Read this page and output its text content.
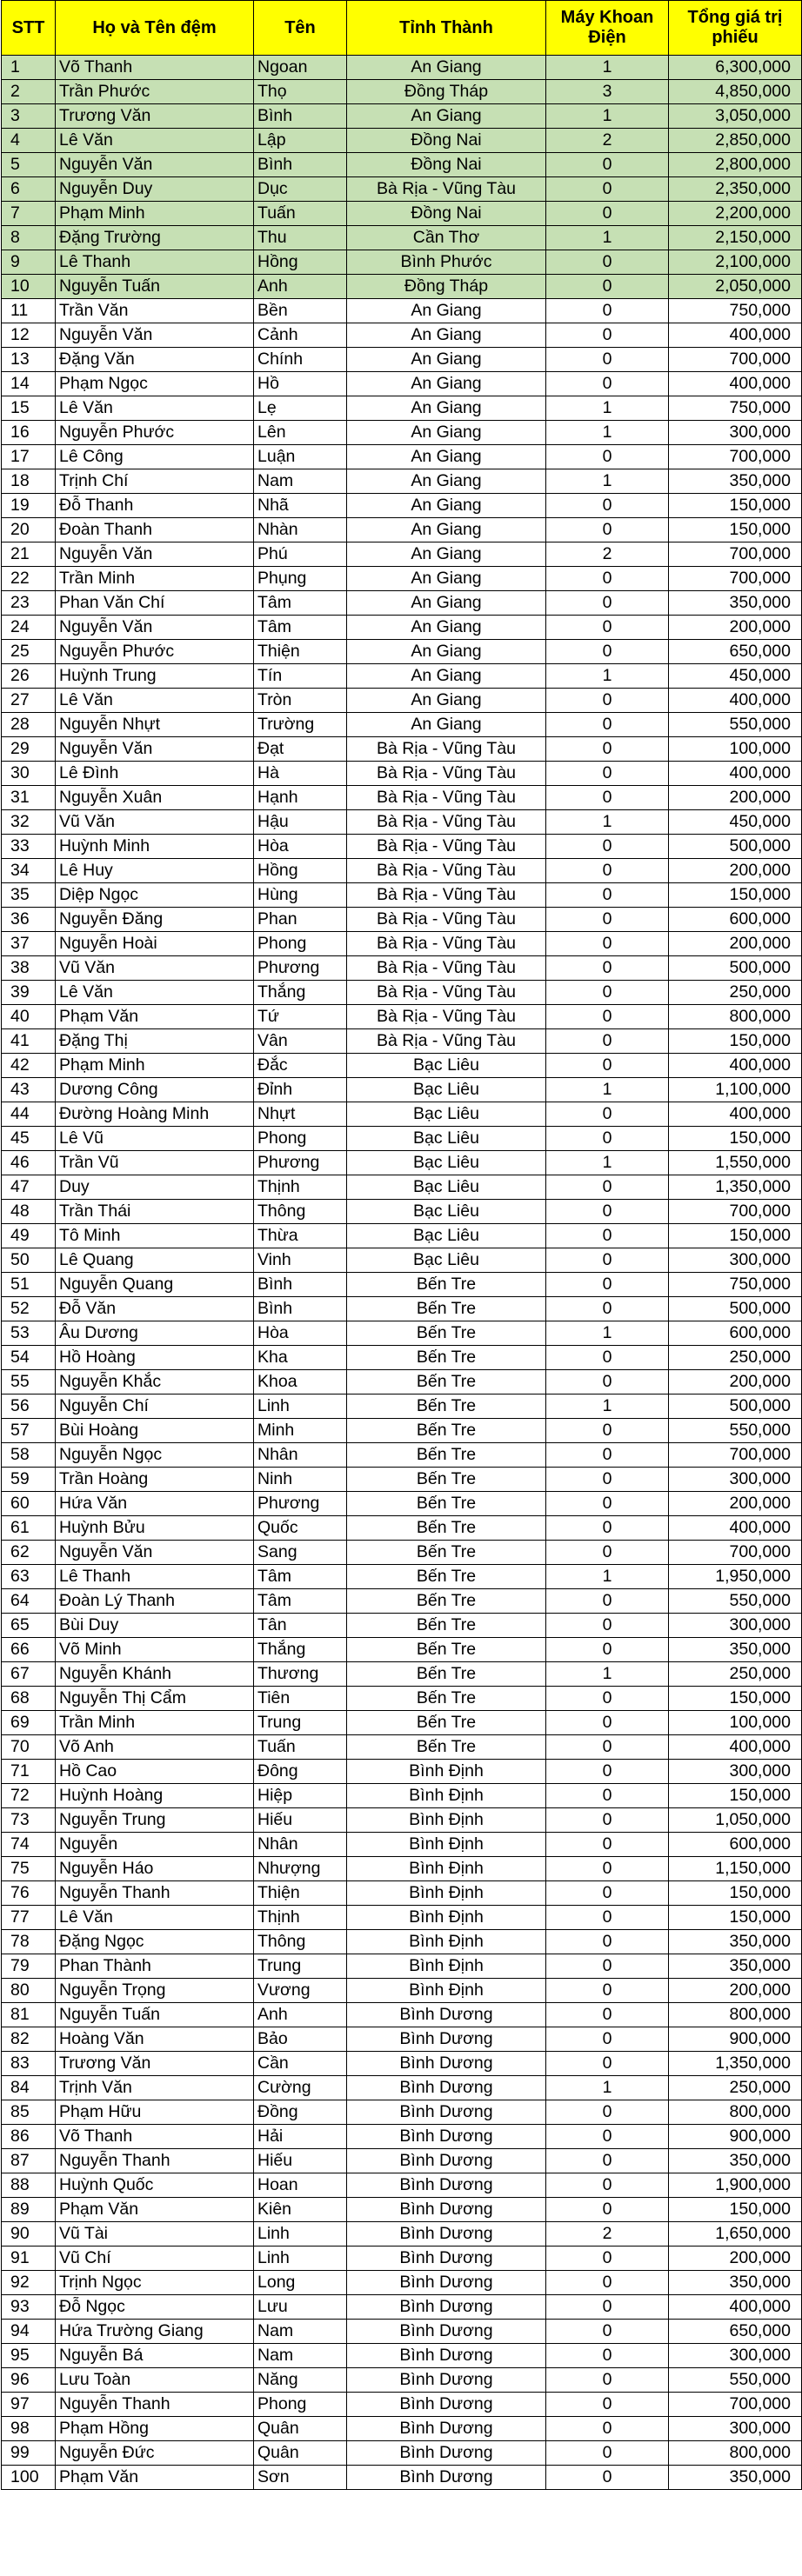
STT	Họ và Tên đệm	Tên	Tỉnh Thành	Máy Khoan Điện	Tổng giá trị phiếu
1	Võ Thanh	Ngoan	An Giang	1	6,300,000
2	Trần Phước	Thọ	Đồng Tháp	3	4,850,000
3	Trương Văn	Bình	An Giang	1	3,050,000
4	Lê Văn	Lập	Đồng Nai	2	2,850,000
5	Nguyễn Văn	Bình	Đồng Nai	0	2,800,000
6	Nguyễn Duy	Dục	Bà Rịa - Vũng Tàu	0	2,350,000
7	Phạm Minh	Tuấn	Đồng Nai	0	2,200,000
8	Đặng Trường	Thu	Cần Thơ	1	2,150,000
9	Lê Thanh	Hồng	Bình Phước	0	2,100,000
10	Nguyễn Tuấn	Anh	Đồng Tháp	0	2,050,000
11	Trần Văn	Bền	An Giang	0	750,000
12	Nguyễn Văn	Cảnh	An Giang	0	400,000
13	Đặng Văn	Chính	An Giang	0	700,000
14	Phạm Ngọc	Hồ	An Giang	0	400,000
15	Lê Văn	Lẹ	An Giang	1	750,000
16	Nguyễn Phước	Lên	An Giang	1	300,000
17	Lê Công	Luận	An Giang	0	700,000
18	Trịnh Chí	Nam	An Giang	1	350,000
19	Đỗ Thanh	Nhã	An Giang	0	150,000
20	Đoàn Thanh	Nhàn	An Giang	0	150,000
21	Nguyễn Văn	Phú	An Giang	2	700,000
22	Trần Minh	Phụng	An Giang	0	700,000
23	Phan Văn Chí	Tâm	An Giang	0	350,000
24	Nguyễn Văn	Tâm	An Giang	0	200,000
25	Nguyễn Phước	Thiện	An Giang	0	650,000
26	Huỳnh Trung	Tín	An Giang	1	450,000
27	Lê Văn	Tròn	An Giang	0	400,000
28	Nguyễn Nhựt	Trường	An Giang	0	550,000
29	Nguyễn Văn	Đạt	Bà Rịa - Vũng Tàu	0	100,000
30	Lê Đình	Hà	Bà Rịa - Vũng Tàu	0	400,000
31	Nguyễn Xuân	Hạnh	Bà Rịa - Vũng Tàu	0	200,000
32	Vũ Văn	Hậu	Bà Rịa - Vũng Tàu	1	450,000
33	Huỳnh Minh	Hòa	Bà Rịa - Vũng Tàu	0	500,000
34	Lê Huy	Hồng	Bà Rịa - Vũng Tàu	0	200,000
35	Diệp Ngọc	Hùng	Bà Rịa - Vũng Tàu	0	150,000
36	Nguyễn Đăng	Phan	Bà Rịa - Vũng Tàu	0	600,000
37	Nguyễn Hoài	Phong	Bà Rịa - Vũng Tàu	0	200,000
38	Vũ Văn	Phương	Bà Rịa - Vũng Tàu	0	500,000
39	Lê Văn	Thắng	Bà Rịa - Vũng Tàu	0	250,000
40	Phạm Văn	Tứ	Bà Rịa - Vũng Tàu	0	800,000
41	Đặng Thị	Vân	Bà Rịa - Vũng Tàu	0	150,000
42	Phạm Minh	Đắc	Bạc Liêu	0	400,000
43	Dương Công	Đỉnh	Bạc Liêu	1	1,100,000
44	Đường Hoàng Minh	Nhựt	Bạc Liêu	0	400,000
45	Lê Vũ	Phong	Bạc Liêu	0	150,000
46	Trần Vũ	Phương	Bạc Liêu	1	1,550,000
47	Duy	Thịnh	Bạc Liêu	0	1,350,000
48	Trần Thái	Thông	Bạc Liêu	0	700,000
49	Tô Minh	Thừa	Bạc Liêu	0	150,000
50	Lê Quang	Vinh	Bạc Liêu	0	300,000
51	Nguyễn Quang	Bình	Bến Tre	0	750,000
52	Đỗ Văn	Bình	Bến Tre	0	500,000
53	Âu Dương	Hòa	Bến Tre	1	600,000
54	Hồ Hoàng	Kha	Bến Tre	0	250,000
55	Nguyễn Khắc	Khoa	Bến Tre	0	200,000
56	Nguyễn Chí	Linh	Bến Tre	1	500,000
57	Bùi Hoàng	Minh	Bến Tre	0	550,000
58	Nguyễn Ngọc	Nhân	Bến Tre	0	700,000
59	Trần Hoàng	Ninh	Bến Tre	0	300,000
60	Hứa Văn	Phương	Bến Tre	0	200,000
61	Huỳnh Bửu	Quốc	Bến Tre	0	400,000
62	Nguyễn Văn	Sang	Bến Tre	0	700,000
63	Lê Thanh	Tâm	Bến Tre	1	1,950,000
64	Đoàn Lý Thanh	Tâm	Bến Tre	0	550,000
65	Bùi Duy	Tân	Bến Tre	0	300,000
66	Võ Minh	Thắng	Bến Tre	0	350,000
67	Nguyễn Khánh	Thương	Bến Tre	1	250,000
68	Nguyễn Thị Cẩm	Tiên	Bến Tre	0	150,000
69	Trần Minh	Trung	Bến Tre	0	100,000
70	Võ Anh	Tuấn	Bến Tre	0	400,000
71	Hồ Cao	Đông	Bình Định	0	300,000
72	Huỳnh Hoàng	Hiệp	Bình Định	0	150,000
73	Nguyễn Trung	Hiếu	Bình Định	0	1,050,000
74	Nguyễn	Nhân	Bình Định	0	600,000
75	Nguyễn Háo	Nhượng	Bình Định	0	1,150,000
76	Nguyễn Thanh	Thiện	Bình Định	0	150,000
77	Lê Văn	Thịnh	Bình Định	0	150,000
78	Đặng Ngọc	Thông	Bình Định	0	350,000
79	Phan Thành	Trung	Bình Định	0	350,000
80	Nguyễn Trọng	Vương	Bình Định	0	200,000
81	Nguyễn Tuấn	Anh	Bình Dương	0	800,000
82	Hoàng Văn	Bảo	Bình Dương	0	900,000
83	Trương Văn	Cần	Bình Dương	0	1,350,000
84	Trịnh Văn	Cường	Bình Dương	1	250,000
85	Phạm Hữu	Đồng	Bình Dương	0	800,000
86	Võ Thanh	Hải	Bình Dương	0	900,000
87	Nguyễn Thanh	Hiếu	Bình Dương	0	350,000
88	Huỳnh Quốc	Hoan	Bình Dương	0	1,900,000
89	Phạm Văn	Kiên	Bình Dương	0	150,000
90	Vũ Tài	Linh	Bình Dương	2	1,650,000
91	Vũ Chí	Linh	Bình Dương	0	200,000
92	Trịnh Ngọc	Long	Bình Dương	0	350,000
93	Đỗ Ngọc	Lưu	Bình Dương	0	400,000
94	Hứa Trường Giang	Nam	Bình Dương	0	650,000
95	Nguyễn Bá	Nam	Bình Dương	0	300,000
96	Lưu Toàn	Năng	Bình Dương	0	550,000
97	Nguyễn Thanh	Phong	Bình Dương	0	700,000
98	Phạm Hồng	Quân	Bình Dương	0	300,000
99	Nguyễn Đức	Quân	Bình Dương	0	800,000
100	Phạm Văn	Sơn	Bình Dương	0	350,000
